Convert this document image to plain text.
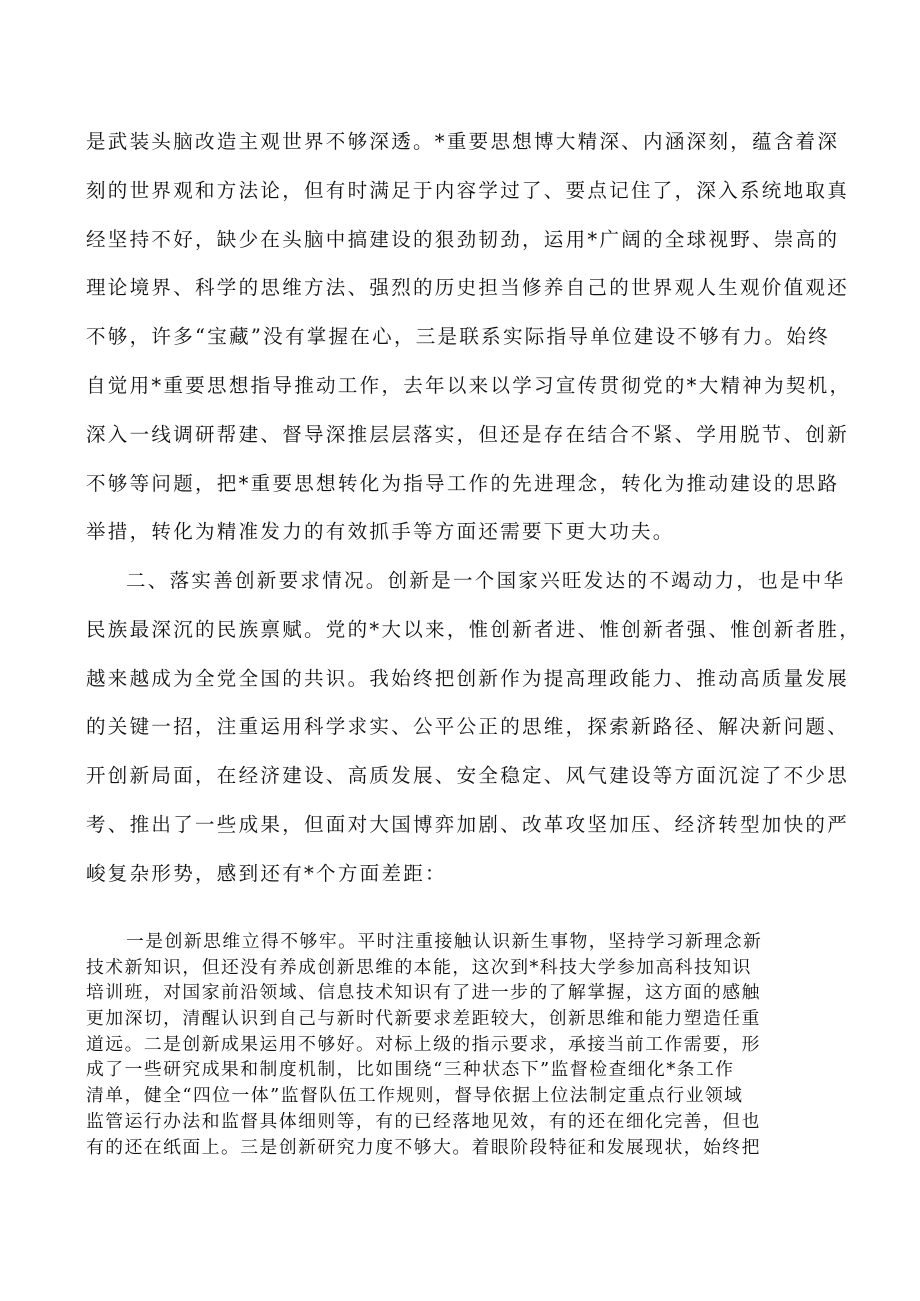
是武装头脑改造主观世界不够深透。*重要思想博大精深、内涵深刻，蕴含着深
刻的世界观和方法论，但有时满足于内容学过了、要点记住了，深入系统地取真
经坚持不好，缺少在头脑中搞建设的狠劲韧劲，运用*广阔的全球视野、崇高的
理论境界、科学的思维方法、强烈的历史担当修养自己的世界观人生观价值观还
不够，许多“宝藏”没有掌握在心，三是联系实际指导单位建设不够有力。始终
自觉用*重要思想指导推动工作，去年以来以学习宣传贯彻党的*大精神为契机，
深入一线调研帮建、督导深推层层落实，但还是存在结合不紧、学用脱节、创新
不够等问题，把*重要思想转化为指导工作的先进理念，转化为推动建设的思路
举措，转化为精准发力的有效抓手等方面还需要下更大功夫。
二、落实善创新要求情况。创新是一个国家兴旺发达的不竭动力，也是中华
民族最深沉的民族禀赋。党的*大以来，惟创新者进、惟创新者强、惟创新者胜，
越来越成为全党全国的共识。我始终把创新作为提高理政能力、推动高质量发展
的关键一招，注重运用科学求实、公平公正的思维，探索新路径、解决新问题、
开创新局面，在经济建设、高质发展、安全稳定、风气建设等方面沉淀了不少思
考、推出了一些成果，但面对大国博弈加剧、改革攻坚加压、经济转型加快的严
峻复杂形势，感到还有*个方面差距：
一是创新思维立得不够牢。平时注重接触认识新生事物，坚持学习新理念新
技术新知识，但还没有养成创新思维的本能，这次到*科技大学参加高科技知识
培训班，对国家前沿领域、信息技术知识有了进一步的了解掌握，这方面的感触
更加深切，清醒认识到自己与新时代新要求差距较大，创新思维和能力塑造任重
道远。二是创新成果运用不够好。对标上级的指示要求，承接当前工作需要，形
成了一些研究成果和制度机制，比如围绕“三种状态下”监督检查细化*条工作
清单，健全“四位一体”监督队伍工作规则，督导依据上位法制定重点行业领域
监管运行办法和监督具体细则等，有的已经落地见效，有的还在细化完善，但也
有的还在纸面上。三是创新研究力度不够大。着眼阶段特征和发展现状，始终把
